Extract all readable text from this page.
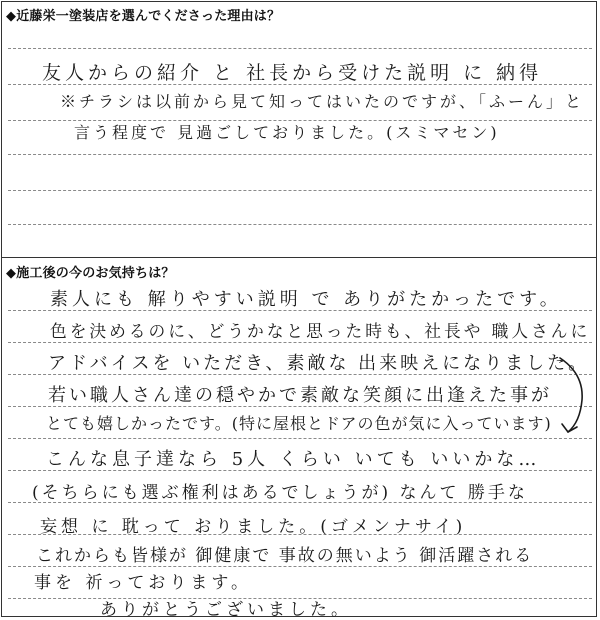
◆近藤栄一塗装店を選んでくださった理由は？
友人からの紹介 と 社長から受けた説明 に 納得
※チラシは以前から見て知ってはいたのですが、「ふーん」と
言う程度で 見過ごしておりました。(スミマセン)
◆施工後の今のお気持ちは？
素人にも 解りやすい説明 で ありがたかったです。
色を決めるのに、どうかなと思った時も、社長や 職人さんに
アドバイスを いただき、素敵な 出来映えになりました。
若い職人さん達の穏やかで素敵な笑顔に出逢えた事が
とても嬉しかったです。(特に屋根とドアの色が気に入っています)
こんな息子達なら 5人 くらい いても いいかな…
(そちらにも選ぶ権利はあるでしょうが) なんて 勝手な
妄想 に 耽って おりました。(ゴメンナサイ)
これからも皆様が 御健康で 事故の無いよう 御活躍される
事を 祈っております。
ありがとうございました。
